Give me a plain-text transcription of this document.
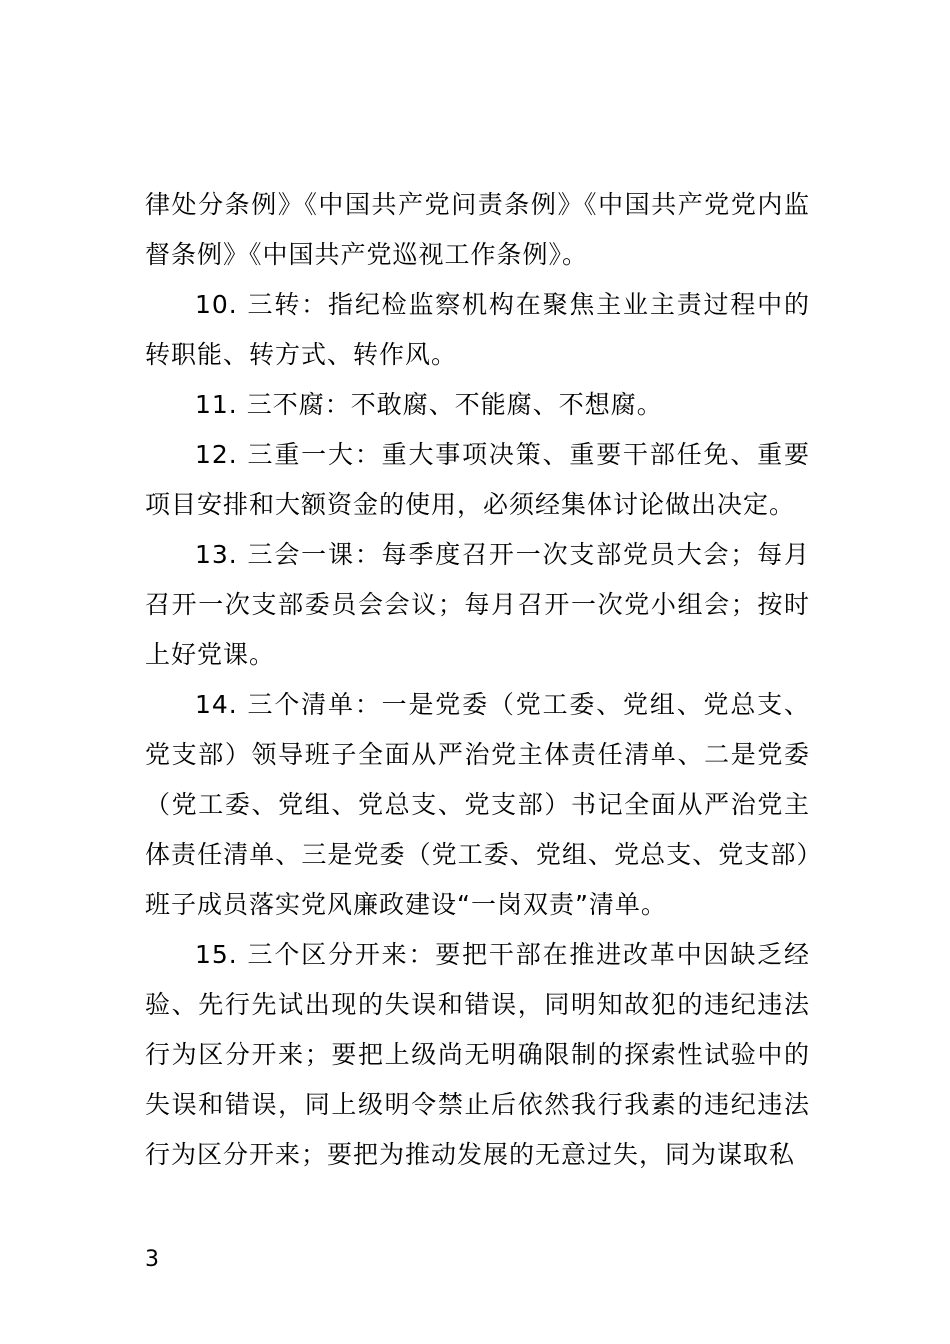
律处分条例》《中国共产党问责条例》《中国共产党党内监督条例》《中国共产党巡视工作条例》。

10. 三转：指纪检监察机构在聚焦主业主责过程中的转职能、转方式、转作风。

11. 三不腐：不敢腐、不能腐、不想腐。

12. 三重一大：重大事项决策、重要干部任免、重要项目安排和大额资金的使用，必须经集体讨论做出决定。

13. 三会一课：每季度召开一次支部党员大会；每月召开一次支部委员会会议；每月召开一次党小组会；按时上好党课。

14. 三个清单：一是党委（党工委、党组、党总支、党支部）领导班子全面从严治党主体责任清单、二是党委（党工委、党组、党总支、党支部）书记全面从严治党主体责任清单、三是党委（党工委、党组、党总支、党支部）班子成员落实党风廉政建设“一岗双责”清单。

15. 三个区分开来：要把干部在推进改革中因缺乏经验、先行先试出现的失误和错误，同明知故犯的违纪违法行为区分开来；要把上级尚无明确限制的探索性试验中的失误和错误，同上级明令禁止后依然我行我素的违纪违法行为区分开来；要把为推动发展的无意过失，同为谋取私

3
